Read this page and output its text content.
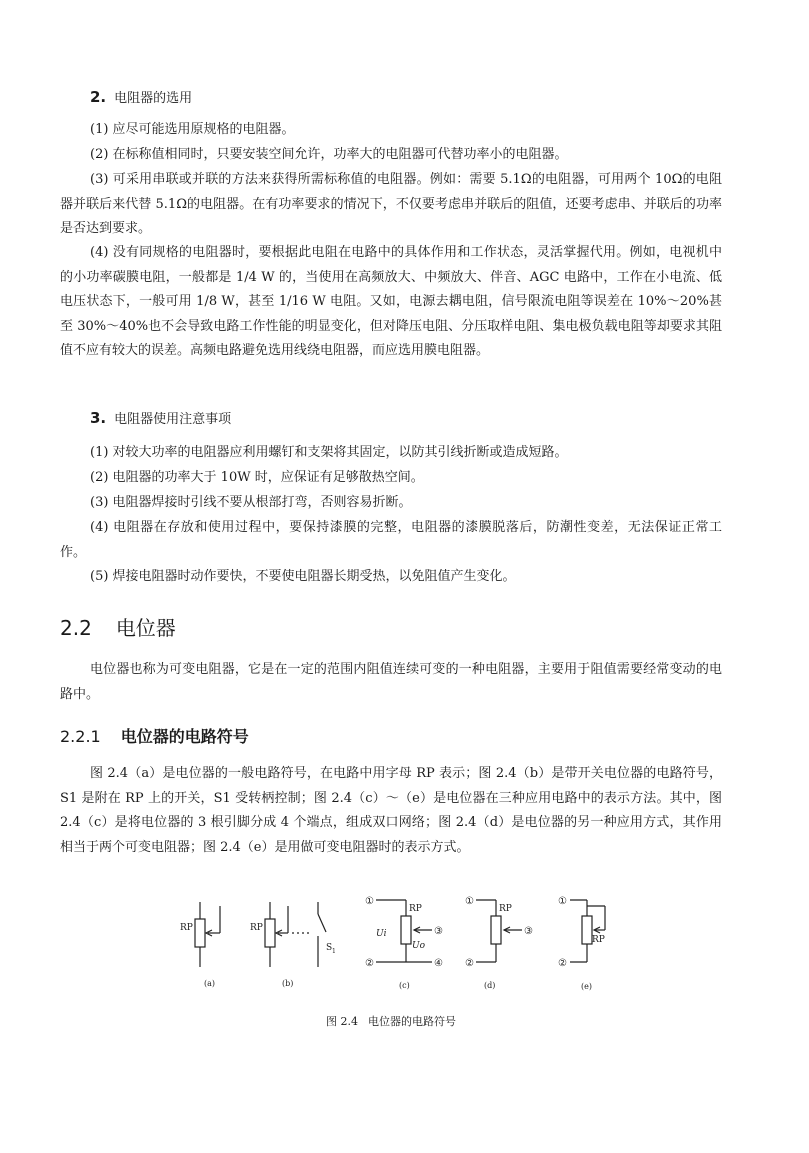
2. 电阻器的选用

(1) 应尽可能选用原规格的电阻器。

(2) 在标称值相同时，只要安装空间允许，功率大的电阻器可代替功率小的电阻器。

(3) 可采用串联或并联的方法来获得所需标称值的电阻器。例如：需要 5.1Ω的电阻器，可用两个 10Ω的电阻器并联后来代替 5.1Ω的电阻器。在有功率要求的情况下，不仅要考虑串并联后的阻值，还要考虑串、并联后的功率是否达到要求。

(4) 没有同规格的电阻器时，要根据此电阻在电路中的具体作用和工作状态，灵活掌握代用。例如，电视机中的小功率碳膜电阻，一般都是 1/4 W 的，当使用在高频放大、中频放大、伴音、AGC 电路中，工作在小电流、低电压状态下，一般可用 1/8 W，甚至 1/16 W 电阻。又如，电源去耦电阻，信号限流电阻等误差在 10%～20%甚至 30%～40%也不会导致电路工作性能的明显变化，但对降压电阻、分压取样电阻、集电极负载电阻等却要求其阻值不应有较大的误差。高频电路避免选用线绕电阻器，而应选用膜电阻器。

3. 电阻器使用注意事项

(1) 对较大功率的电阻器应利用螺钉和支架将其固定，以防其引线折断或造成短路。

(2) 电阻器的功率大于 10W 时，应保证有足够散热空间。

(3) 电阻器焊接时引线不要从根部打弯，否则容易折断。

(4) 电阻器在存放和使用过程中，要保持漆膜的完整，电阻器的漆膜脱落后，防潮性变差，无法保证正常工作。

(5) 焊接电阻器时动作要快，不要使电阻器长期受热，以免阻值产生变化。

2.2 电位器

电位器也称为可变电阻器，它是在一定的范围内阻值连续可变的一种电阻器，主要用于阻值需要经常变动的电路中。

2.2.1 电位器的电路符号

图 2.4（a）是电位器的一般电路符号，在电路中用字母 RP 表示；图 2.4（b）是带开关电位器的电路符号，S1 是附在 RP 上的开关，S1 受转柄控制；图 2.4（c）～（e）是电位器在三种应用电路中的表示方法。其中，图 2.4（c）是将电位器的 3 根引脚分成 4 个端点，组成双口网络；图 2.4（d）是电位器的另一种应用方式，其作用相当于两个可变电阻器；图 2.4（e）是用做可变电阻器时的表示方式。

RP	RP
S 1
①
RP
Ui
Uo
③
②	④
①
RP
③
②
①
RP
②
(a)	(b)	(c)	(d)	(e)
图 2.4 电位器的电路符号
